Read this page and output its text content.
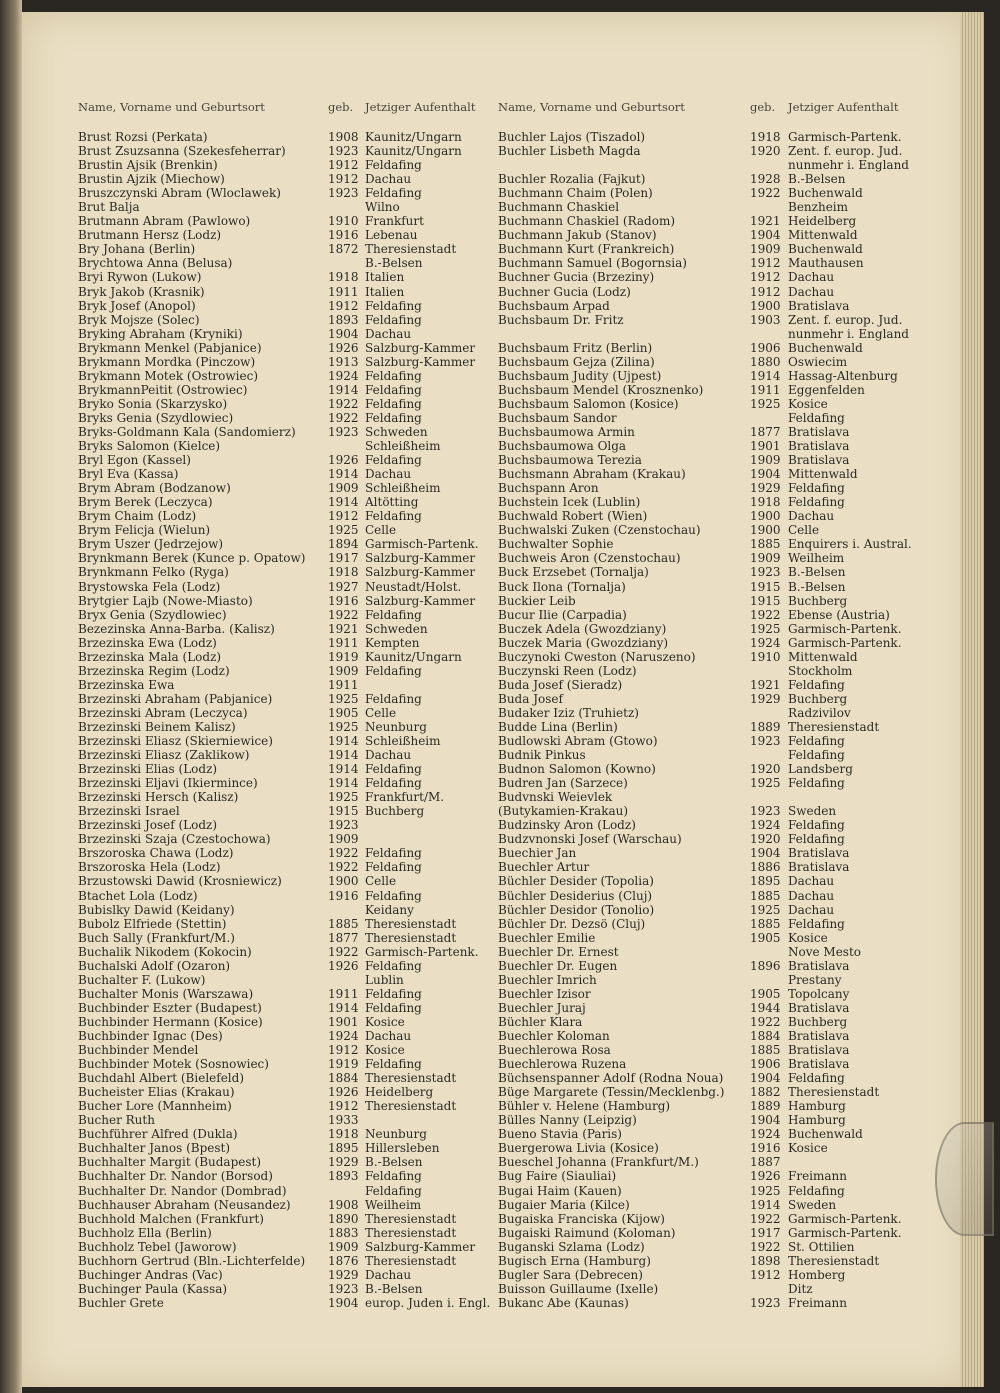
Name, Vorname und Geburtsort	geb. Jetziger Aufenthalt
Brust Rozsi (Perkata)	1908 Kaunitz/Ungarn
Brust Zsuzsanna (Szekesfeherrar)	1923 Kaunitz/Ungarn
Brustin Ajsik (Brenkin)	1912 Feldafing
Brustin Ajzik (Miechow)	1912 Dachau
Bruszczynski Abram (Wloclawek)	1923 Feldafing
Brut Balja	Wilno
Brutmann Abram (Pawlowo)	1910 Frankfurt
Brutmann Hersz (Lodz)	1916 Lebenau
Bry Johana (Berlin)	1872 Theresienstadt
Brychtowa Anna (Belusa)	B.-Belsen
Bryi Rywon (Lukow)	1918 Italien
Bryk Jakob (Krasnik)	1911 Italien
Bryk Josef (Anopol)	1912 Feldafing
Bryk Mojsze (Solec)	1893 Feldafing
Bryking Abraham (Kryniki)	1904 Dachau
Brykmann Menkel (Pabjanice)	1926 Salzburg-Kammer
Brykmann Mordka (Pinczow)	1913 Salzburg-Kammer
Brykmann Motek (Ostrowiec)	1924 Feldafing
BrykmannPeitit (Ostrowiec)	1914 Feldafing
Bryko Sonia (Skarzysko)	1922 Feldafing
Bryks Genia (Szydlowiec)	1922 Feldafing
Bryks-Goldmann Kala (Sandomierz)	1923 Schweden
Bryks Salomon (Kielce)	Schleißheim
Bryl Egon (Kassel)	1926 Feldafing
Bryl Eva (Kassa)	1914 Dachau
Brym Abram (Bodzanow)	1909 Schleißheim
Brym Berek (Leczyca)	1914 Altötting
Brym Chaim (Lodz)	1912 Feldafing
Brym Felicja (Wielun)	1925 Celle
Brym Uszer (Jedrzejow)	1894 Garmisch-Partenk.
Brynkmann Berek (Kunce p. Opatow)	1917 Salzburg-Kammer
Brynkmann Felko (Ryga)	1918 Salzburg-Kammer
Brystowska Fela (Lodz)	1927 Neustadt/Holst.
Brytgier Lajb (Nowe-Miasto)	1916 Salzburg-Kammer
Bryx Genia (Szydlowiec)	1922 Feldafing
Bezezinska Anna-Barba. (Kalisz)	1921 Schweden
Brzezinska Ewa (Lodz)	1911 Kempten
Brzezinska Mala (Lodz)	1919 Kaunitz/Ungarn
Brzezinska Regim (Lodz)	1909 Feldafing
Brzezinska Ewa	1911
Brzezinski Abraham (Pabjanice)	1925 Feldafing
Brzezinski Abram (Leczyca)	1905 Celle
Brzezinski Beinem Kalisz)	1925 Neunburg
Brzezinski Eliasz (Skierniewice)	1914 Schleißheim
Brzezinski Eliasz (Zaklikow)	1914 Dachau
Brzezinski Elias (Lodz)	1914 Feldafing
Brzezinski Eljavi (Ikiermince)	1914 Feldafing
Brzezinski Hersch (Kalisz)	1925 Frankfurt/M.
Brzezinski Israel	1915 Buchberg
Brzezinski Josef (Lodz)	1923
Brzezinski Szaja (Czestochowa)	1909
Brszoroska Chawa (Lodz)	1922 Feldafing
Brszoroska Hela (Lodz)	1922 Feldafing
Brzustowski Dawid (Krosniewicz)	1900 Celle
Btachet Lola (Lodz)	1916 Feldafing
Bubislky Dawid (Keidany)	Keidany
Bubolz Elfriede (Stettin)	1885 Theresienstadt
Buch Sally (Frankfurt/M.)	1877 Theresienstadt
Buchalik Nikodem (Kokocin)	1922 Garmisch-Partenk.
Buchalski Adolf (Ozaron)	1926 Feldafing
Buchalter F. (Lukow)	Lublin
Buchalter Monis (Warszawa)	1911 Feldafing
Buchbinder Eszter (Budapest)	1914 Feldafing
Buchbinder Hermann (Kosice)	1901 Kosice
Buchbinder Ignac (Des)	1924 Dachau
Buchbinder Mendel	1912 Kosice
Buchbinder Motek (Sosnowiec)	1919 Feldafing
Buchdahl Albert (Bielefeld)	1884 Theresienstadt
Bucheister Elias (Krakau)	1926 Heidelberg
Bucher Lore (Mannheim)	1912 Theresienstadt
Bucher Ruth	1933
Buchführer Alfred (Dukla)	1918 Neunburg
Buchhalter Janos (Bpest)	1895 Hillersleben
Buchhalter Margit (Budapest)	1929 B.-Belsen
Buchhalter Dr. Nandor (Borsod)	1893 Feldafing
Buchhalter Dr. Nandor (Dombrad)	Feldafing
Buchhauser Abraham (Neusandez)	1908 Weilheim
Buchhold Malchen (Frankfurt)	1890 Theresienstadt
Buchholz Ella (Berlin)	1883 Theresienstadt
Buchholz Tebel (Jaworow)	1909 Salzburg-Kammer
Buchhorn Gertrud (Bln.-Lichterfelde)	1876 Theresienstadt
Buchinger Andras (Vac)	1929 Dachau
Buchinger Paula (Kassa)	1923 B.-Belsen
Buchler Grete	1904 europ. Juden i. Engl.
Name, Vorname und Geburtsort	geb. Jetziger Aufenthalt
Buchler Lajos (Tiszadol)	1918 Garmisch-Partenk.
Buchler Lisbeth Magda	1920 Zent. f. europ. Jud.
nunmehr i. England
Buchler Rozalia (Fajkut)	1928 B.-Belsen
Buchmann Chaim (Polen)	1922 Buchenwald
Buchmann Chaskiel	Benzheim
Buchmann Chaskiel (Radom)	1921 Heidelberg
Buchmann Jakub (Stanov)	1904 Mittenwald
Buchmann Kurt (Frankreich)	1909 Buchenwald
Buchmann Samuel (Bogornsia)	1912 Mauthausen
Buchner Gucia (Brzeziny)	1912 Dachau
Buchner Gucia (Lodz)	1912 Dachau
Buchsbaum Arpad	1900 Bratislava
Buchsbaum Dr. Fritz	1903 Zent. f. europ. Jud.
nunmehr i. England
Buchsbaum Fritz (Berlin)	1906 Buchenwald
Buchsbaum Gejza (Zilina)	1880 Oswiecim
Buchsbaum Judity (Ujpest)	1914 Hassag-Altenburg
Buchsbaum Mendel (Krosznenko)	1911 Eggenfelden
Buchsbaum Salomon (Kosice)	1925 Kosice
Buchsbaum Sandor	Feldafing
Buchsbaumowa Armin	1877 Bratislava
Buchsbaumowa Olga	1901 Bratislava
Buchsbaumowa Terezia	1909 Bratislava
Buchsmann Abraham (Krakau)	1904 Mittenwald
Buchspann Aron	1929 Feldafing
Buchstein Icek (Lublin)	1918 Feldafing
Buchwald Robert (Wien)	1900 Dachau
Buchwalski Zuken (Czenstochau)	1900 Celle
Buchwalter Sophie	1885 Enquirers i. Austral.
Buchweis Aron (Czenstochau)	1909 Weilheim
Buck Erzsebet (Tornalja)	1923 B.-Belsen
Buck Ilona (Tornalja)	1915 B.-Belsen
Buckier Leib	1915 Buchberg
Bucur Ilie (Carpadia)	1922 Ebense (Austria)
Buczek Adela (Gwozdziany)	1925 Garmisch-Partenk.
Buczek Maria (Gwozdziany)	1924 Garmisch-Partenk.
Buczynoki Cweston (Naruszeno)	1910 Mittenwald
Buczynski Reen (Lodz)	Stockholm
Buda Josef (Sieradz)	1921 Feldafing
Buda Josef	1929 Buchberg
Budaker Iziz (Truhietz)	Radzivilov
Budde Lina (Berlin)	1889 Theresienstadt
Budlowski Abram (Gtowo)	1923 Feldafing
Budnik Pinkus	Feldafing
Budnon Salomon (Kowno)	1920 Landsberg
Budren Jan (Sarzece)	1925 Feldafing
Budvnski Weievlek
(Butykamien-Krakau)	1923 Sweden
Budzinsky Aron (Lodz)	1924 Feldafing
Budzvnonski Josef (Warschau)	1920 Feldafing
Buechier Jan	1904 Bratislava
Buechler Artur	1886 Bratislava
Büchler Desider (Topolia)	1895 Dachau
Büchler Desiderius (Cluj)	1885 Dachau
Büchler Desidor (Tonolio)	1925 Dachau
Büchler Dr. Dezsö (Cluj)	1885 Feldafing
Buechler Emilie	1905 Kosice
Buechler Dr. Ernest	Nove Mesto
Buechler Dr. Eugen	1896 Bratislava
Buechler Imrich	Prestany
Buechler Izisor	1905 Topolcany
Buechler Juraj	1944 Bratislava
Büchler Klara	1922 Buchberg
Buechler Koloman	1884 Bratislava
Buechlerowa Rosa	1885 Bratislava
Buechlerowa Ruzena	1906 Bratislava
Büchsenspanner Adolf (Rodna Noua)	1904 Feldafing
Büge Margarete (Tessin/Mecklenbg.)	1882 Theresienstadt
Bühler v. Helene (Hamburg)	1889 Hamburg
Bülles Nanny (Leipzig)	1904 Hamburg
Bueno Stavia (Paris)	1924 Buchenwald
Buergerowa Livia (Kosice)	1916 Kosice
Bueschel Johanna (Frankfurt/M.)	1887
Bug Faire (Siauliai)	1926 Freimann
Bugai Haim (Kauen)	1925 Feldafing
Bugaier Maria (Kilce)	1914 Sweden
Bugaiska Franciska (Kijow)	1922 Garmisch-Partenk.
Bugaiski Raimund (Koloman)	1917 Garmisch-Partenk.
Buganski Szlama (Lodz)	1922 St. Ottilien
Bugisch Erna (Hamburg)	1898 Theresienstadt
Bugler Sara (Debrecen)	1912 Homberg
Buisson Guillaume (Ixelle)	Ditz
Bukanc Abe (Kaunas)	1923 Freimann
